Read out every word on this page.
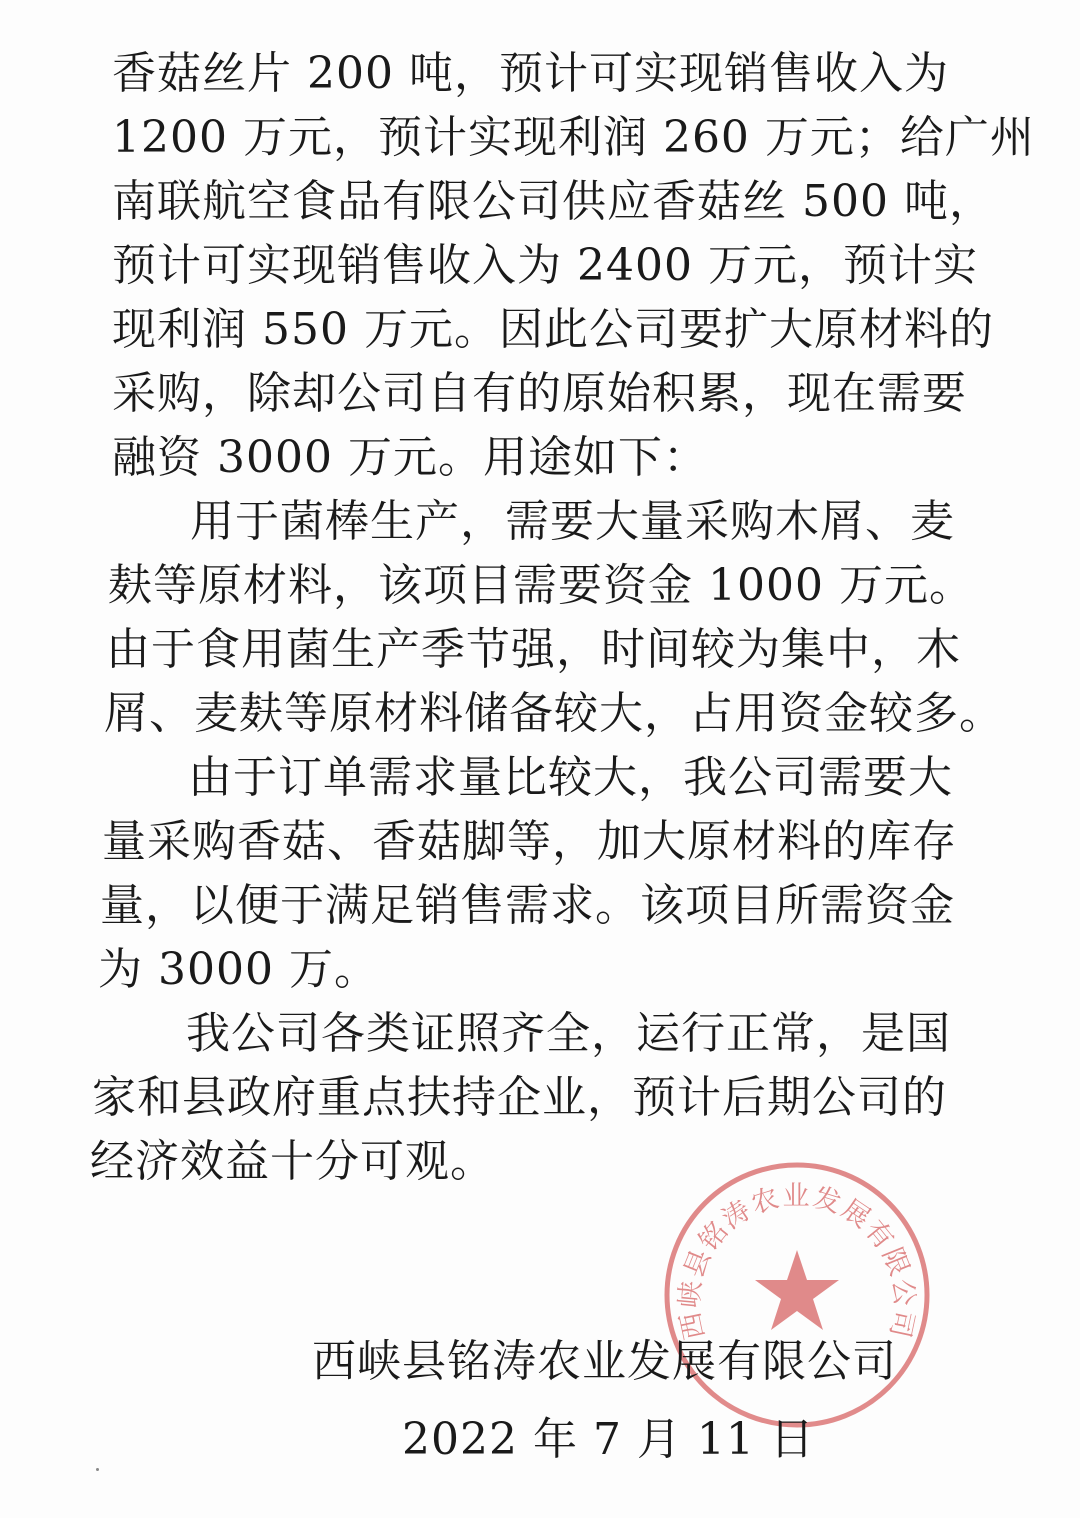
香菇丝片 200 吨，预计可实现销售收入为
1200 万元，预计实现利润 260 万元；给广州
南联航空食品有限公司供应香菇丝 500 吨，
预计可实现销售收入为 2400 万元，预计实
现利润 550 万元。因此公司要扩大原材料的
采购，除却公司自有的原始积累，现在需要
融资 3000 万元。用途如下：
用于菌棒生产，需要大量采购木屑、麦
麸等原材料，该项目需要资金 1000 万元。
由于食用菌生产季节强，时间较为集中，木
屑、麦麸等原材料储备较大，占用资金较多。
由于订单需求量比较大，我公司需要大
量采购香菇、香菇脚等，加大原材料的库存
量，以便于满足销售需求。该项目所需资金
为 3000 万。
我公司各类证照齐全，运行正常，是国
家和县政府重点扶持企业，预计后期公司的
经济效益十分可观。
西峡县铭涛农业发展有限公司
西峡县铭涛农业发展有限公司
2022 年 7 月 11 日
